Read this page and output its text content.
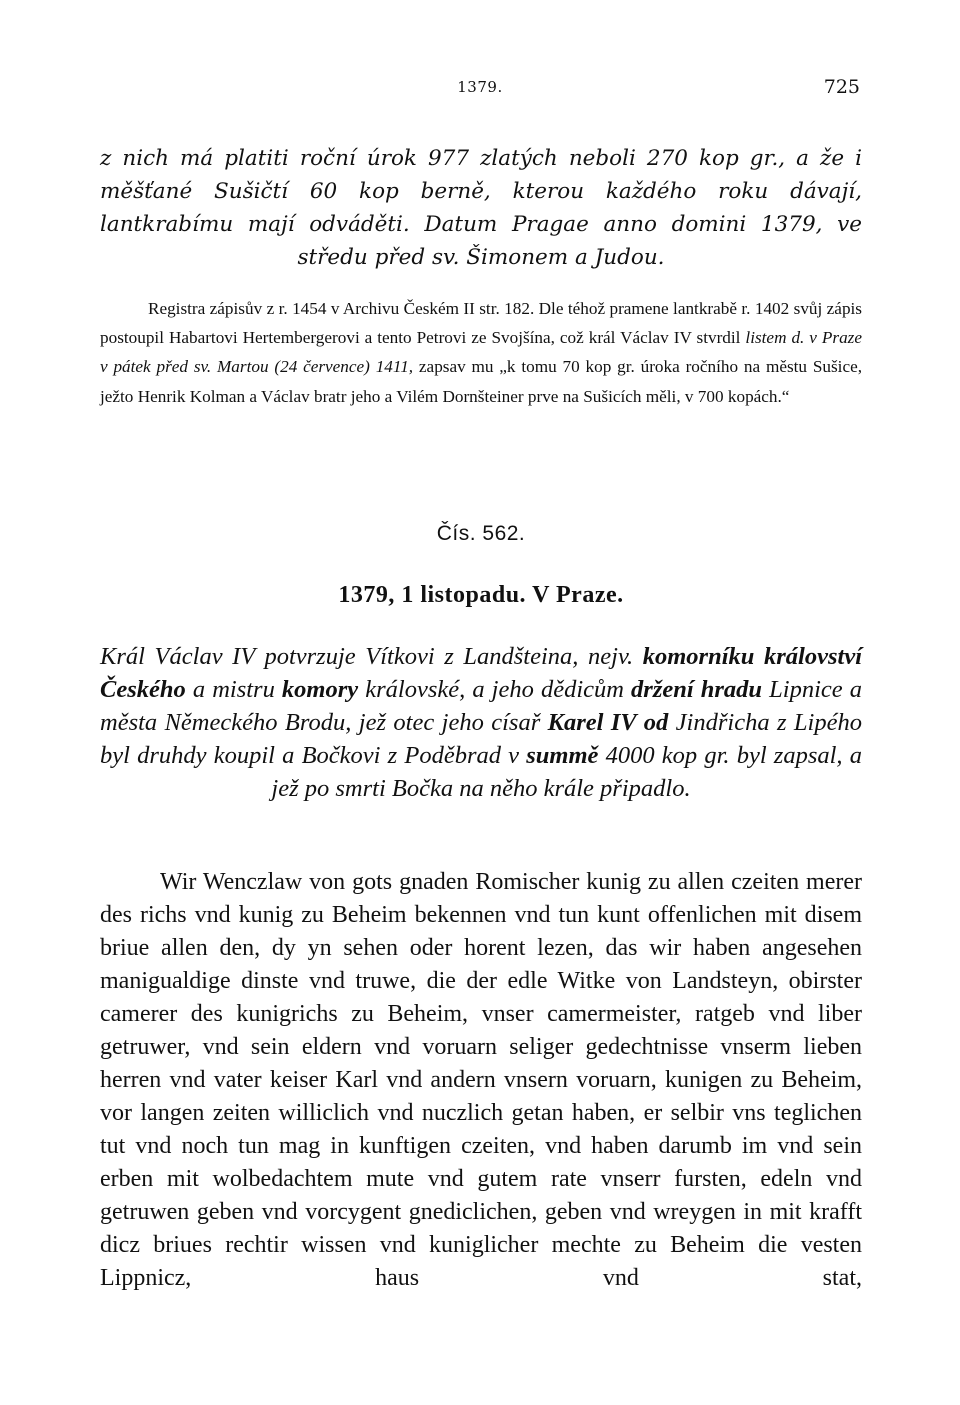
1379.	725
z nich má platiti roční úrok 977 zlatých neboli 270 kop gr., a že i měšťané Sušičtí 60 kop berně, kterou každého roku dávají, lantkrabímu mají odváděti. Datum Pragae anno domini 1379, ve středu před sv. Šimonem a Judou.
Registra zápisův z r. 1454 v Archivu Českém II str. 182. Dle téhož pramene lantkrabě r. 1402 svůj zápis postoupil Habartovi Hertembergerovi a tento Petrovi ze Svojšína, což král Václav IV stvrdil listem d. v Praze v pátek před sv. Martou (24 července) 1411, zapsav mu „k tomu 70 kop gr. úroka ročního na městu Sušice, ježto Henrik Kolman a Václav bratr jeho a Vilém Dornšteiner prve na Sušicích měli, v 700 kopách.“
Čís. 562.
1379, 1 listopadu. V Praze.
Král Václav IV potvrzuje Vítkovi z Landšteina, nejv. komorníku království Českého a mistru komory královské, a jeho dědicům držení hradu Lipnice a města Německého Brodu, jež otec jeho císař Karel IV od Jindřicha z Lipého byl druhdy koupil a Bočkovi z Poděbrad v summě 4000 kop gr. byl zapsal, a jež po smrti Bočka na něho krále připadlo.
Wir Wenczlaw von gots gnaden Romischer kunig zu allen czeiten merer des richs vnd kunig zu Beheim bekennen vnd tun kunt offenlichen mit disem briue allen den, dy yn sehen oder horent lezen, das wir haben angesehen manigualdige dinste vnd truwe, die der edle Witke von Landsteyn, obirster camerer des kunigrichs zu Beheim, vnser camermeister, ratgeb vnd liber getruwer, vnd sein eldern vnd voruarn seliger gedechtnisse vnserm lieben herren vnd vater keiser Karl vnd andern vnsern voruarn, kunigen zu Beheim, vor langen zeiten williclich vnd nuczlich getan haben, er selbir vns teglichen tut vnd noch tun mag in kunftigen czeiten, vnd haben darumb im vnd sein erben mit wolbedachtem mute vnd gutem rate vnserr fursten, edeln vnd getruwen geben vnd vorcygent gnediclichen, geben vnd wreygen in mit krafft dicz briues rechtir wissen vnd kuniglicher mechte zu Beheim die vesten Lippnicz, haus vnd stat,
